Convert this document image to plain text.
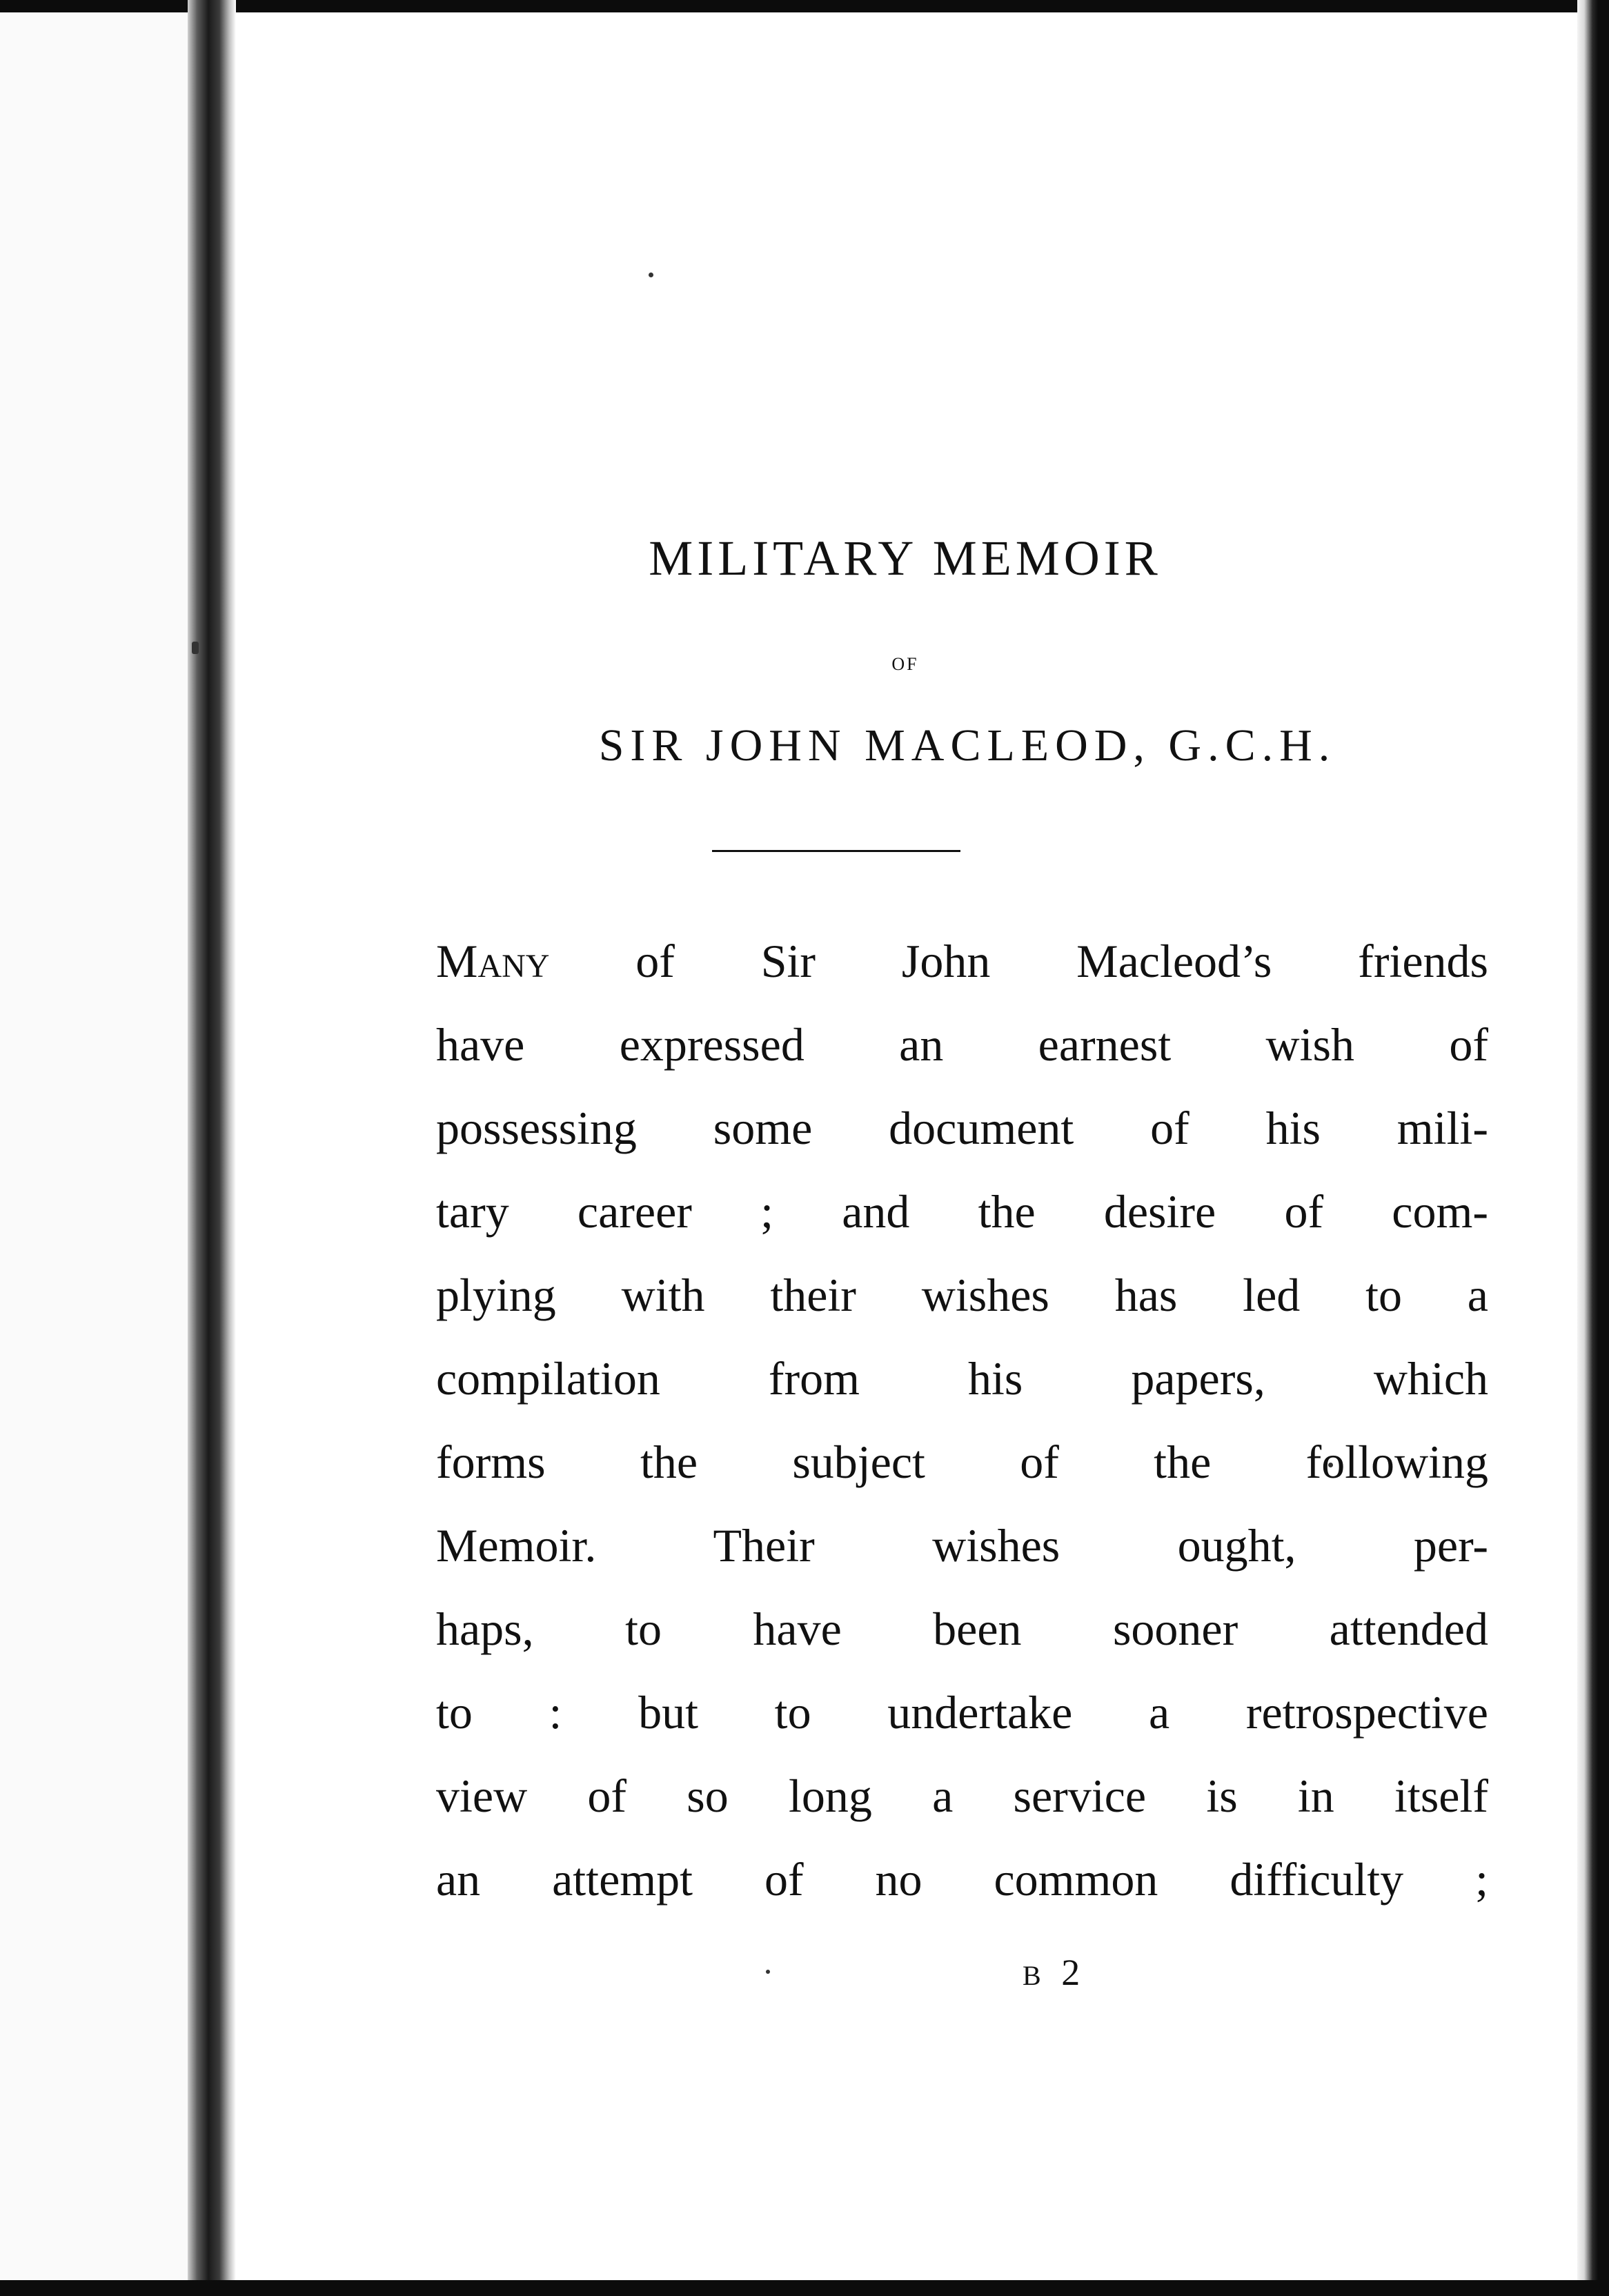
MILITARY MEMOIR
OF
SIR JOHN MACLEOD, G.C.H.
Many of Sir John Macleod’s friends
have expressed an earnest wish of
possessing some document of his mili-
tary career ; and the desire of com-
plying with their wishes has led to a
compilation from his papers, which
forms the subject of the following
Memoir. Their wishes ought, per-
haps, to have been sooner attended
to : but to undertake a retrospective
view of so long a service is in itself
an attempt of no common difficulty ;
B 2
